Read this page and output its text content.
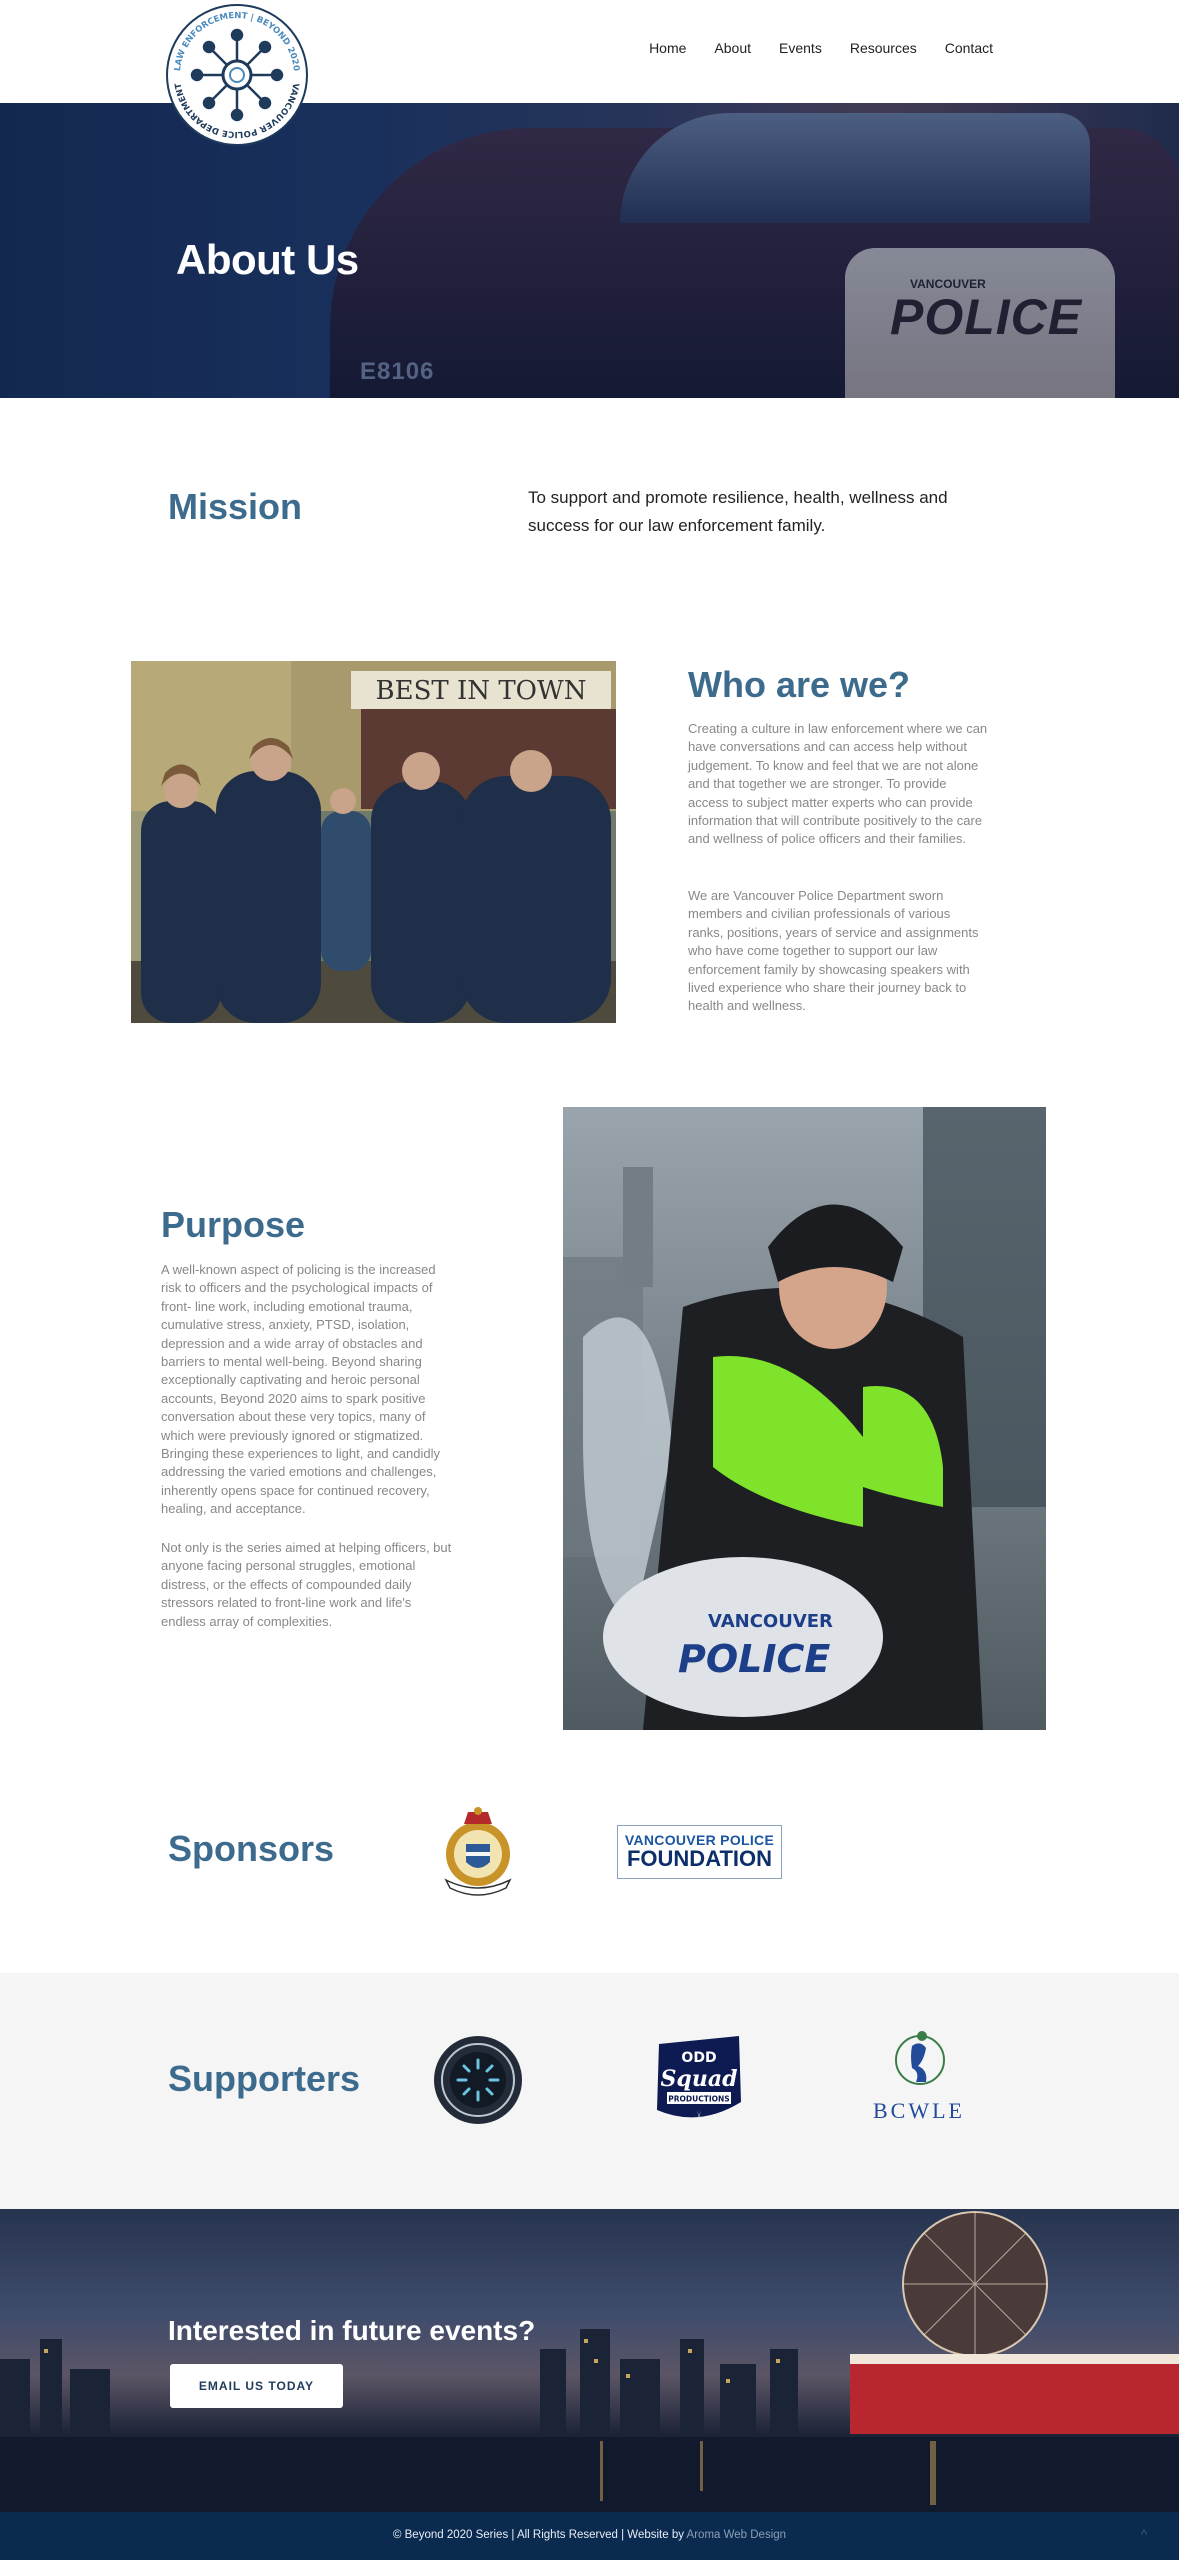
Home About Events Resources Contact
LAW ENFORCEMENT | BEYOND 2020
VANCOUVER POLICE DEPARTMENT
VANCOUVER
POLICE
E8106
About Us
Mission	To support and promote resilience, health, wellness and success for our law enforcement family.

BEST IN TOWN	Who are we?

Creating a culture in law enforcement where we can have conversations and can access help without judgement. To know and feel that we are not alone and that together we are stronger. To provide access to subject matter experts who can provide information that will contribute positively to the care and wellness of police officers and their families.

We are Vancouver Police Department sworn members and civilian professionals of various ranks, positions, years of service and assignments who have come together to support our law enforcement family by showcasing speakers with lived experience who share their journey back to health and wellness.

Purpose

A well-known aspect of policing is the increased risk to officers and the psychological impacts of front- line work, including emotional trauma, cumulative stress, anxiety, PTSD, isolation, depression and a wide array of obstacles and barriers to mental well-being. Beyond sharing exceptionally captivating and heroic personal accounts, Beyond 2020 aims to spark positive conversation about these very topics, many of which were previously ignored or stigmatized. Bringing these experiences to light, and candidly addressing the varied emotions and challenges, inherently opens space for continued recovery, healing, and acceptance.

Not only is the series aimed at helping officers, but anyone facing personal struggles, emotional distress, or the effects of compounded daily stressors related to front-line work and life's endless array of complexities.	VANCOUVER
POLICE
Sponsors	VANCOUVER POLICE
FOUNDATION
Supporters	ODD
Squad
PRODUCTIONS	BCWLE
Interested in future events?
EMAIL US TODAY
© Beyond 2020 Series | All Rights Reserved | Website by Aroma Web Design	^
